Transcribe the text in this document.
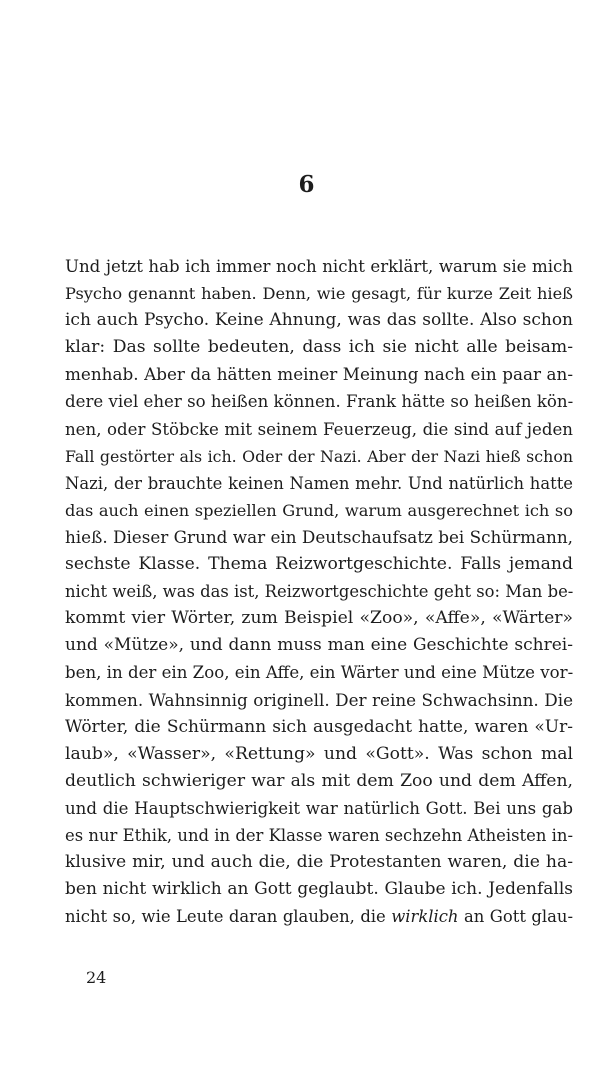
6
Und jetzt hab ich immer noch nicht erklärt, warum sie mich
Psycho genannt haben. Denn, wie gesagt, für kurze Zeit hieß
ich auch Psycho. Keine Ahnung, was das sollte. Also schon
klar: Das sollte bedeuten, dass ich sie nicht alle beisam-
menhab. Aber da hätten meiner Meinung nach ein paar an-
dere viel eher so heißen können. Frank hätte so heißen kön-
nen, oder Stöbcke mit seinem Feuerzeug, die sind auf jeden
Fall gestörter als ich. Oder der Nazi. Aber der Nazi hieß schon
Nazi, der brauchte keinen Namen mehr. Und natürlich hatte
das auch einen speziellen Grund, warum ausgerechnet ich so
hieß. Dieser Grund war ein Deutschaufsatz bei Schürmann,
sechste Klasse. Thema Reizwortgeschichte. Falls jemand
nicht weiß, was das ist, Reizwortgeschichte geht so: Man be-
kommt vier Wörter, zum Beispiel «Zoo», «Affe», «Wärter»
und «Mütze», und dann muss man eine Geschichte schrei-
ben, in der ein Zoo, ein Affe, ein Wärter und eine Mütze vor-
kommen. Wahnsinnig originell. Der reine Schwachsinn. Die
Wörter, die Schürmann sich ausgedacht hatte, waren «Ur-
laub», «Wasser», «Rettung» und «Gott». Was schon mal
deutlich schwieriger war als mit dem Zoo und dem Affen,
und die Hauptschwierigkeit war natürlich Gott. Bei uns gab
es nur Ethik, und in der Klasse waren sechzehn Atheisten in-
klusive mir, und auch die, die Protestanten waren, die ha-
ben nicht wirklich an Gott geglaubt. Glaube ich. Jedenfalls
nicht so, wie Leute daran glauben, die wirklich an Gott glau-
24
